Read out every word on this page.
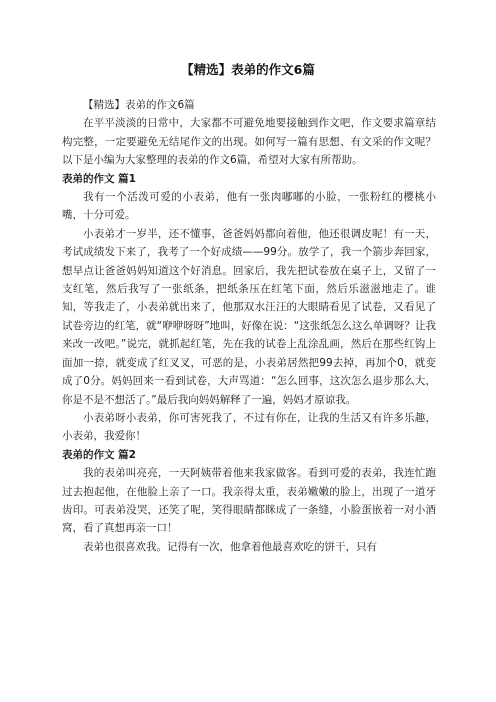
【精选】表弟的作文6篇

【精选】表弟的作文6篇

在平平淡淡的日常中，大家都不可避免地要接触到作文吧，作文要求篇章结构完整，一定要避免无结尾作文的出现。如何写一篇有思想、有文采的作文呢？以下是小编为大家整理的表弟的作文6篇，希望对大家有所帮助。

表弟的作文 篇1

我有一个活泼可爱的小表弟，他有一张肉嘟嘟的小脸，一张粉红的樱桃小嘴，十分可爱。

小表弟才一岁半，还不懂事，爸爸妈妈都向着他，他还很调皮呢！有一天，考试成绩发下来了，我考了一个好成绩——99分。放学了，我一个箭步奔回家，想早点让爸爸妈妈知道这个好消息。回家后，我先把试卷放在桌子上，又留了一支红笔，然后我写了一张纸条，把纸条压在红笔下面，然后乐滋滋地走了。谁知，等我走了，小表弟就出来了，他那双水汪汪的大眼睛看见了试卷，又看见了试卷旁边的红笔，就“咿咿呀呀”地叫，好像在说：“这张纸怎么这么单调呀？让我来改一改吧。”说完，就抓起红笔，先在我的试卷上乱涂乱画，然后在那些红钩上面加一捺，就变成了红叉叉，可恶的是，小表弟居然把99去掉，再加个0，就变成了0分。妈妈回来一看到试卷，大声骂道：“怎么回事，这次怎么退步那么大，你是不是不想活了。”最后我向妈妈解释了一遍，妈妈才原谅我。

小表弟呀小表弟，你可害死我了，不过有你在，让我的生活又有许多乐趣，小表弟，我爱你！

表弟的作文 篇2

我的表弟叫亮亮，一天阿姨带着他来我家做客。看到可爱的表弟，我连忙跑过去抱起他，在他脸上亲了一口。我亲得太重，表弟嫩嫩的脸上，出现了一道牙齿印。可表弟没哭，还笑了呢，笑得眼睛都眯成了一条缝，小脸蛋嵌着一对小酒窝，看了真想再亲一口！

表弟也很喜欢我。记得有一次，他拿着他最喜欢吃的饼干，只有
